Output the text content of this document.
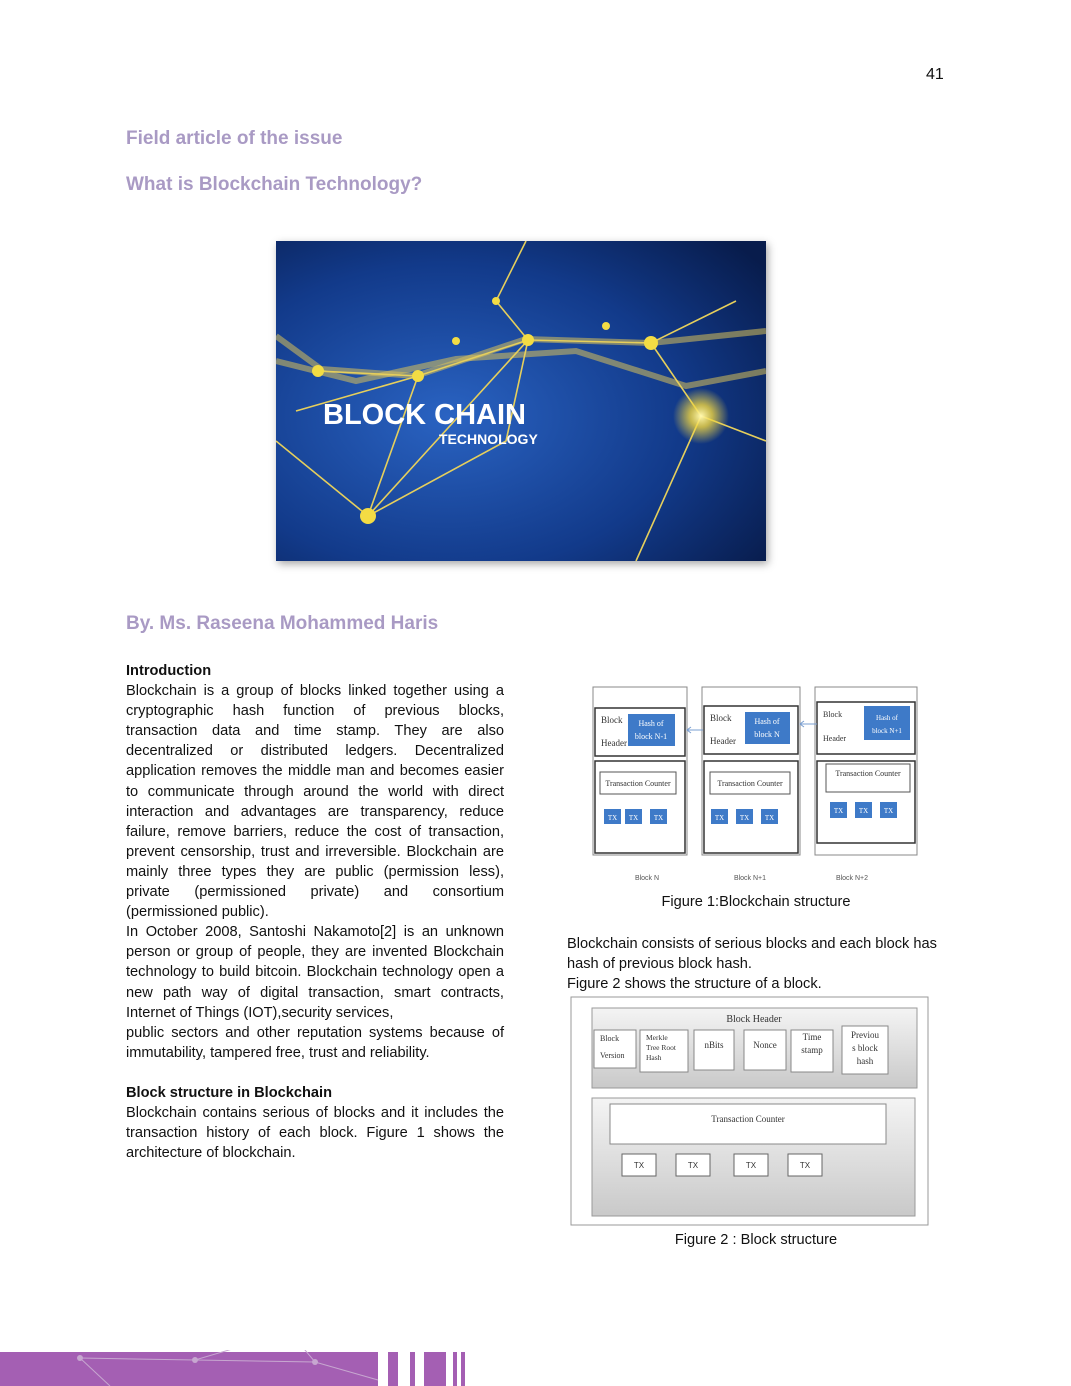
41
Field article of the issue
What is Blockchain Technology?
BLOCK CHAIN
TECHNOLOGY
By. Ms. Raseena Mohammed Haris

Introduction

Blockchain is a group of blocks linked together using a cryptographic hash function of previous blocks, transaction data and time stamp. They are also decentralized or distributed ledgers. Decentralized application removes the middle man and becomes easier to communicate through around the world with direct interaction and advantages are transparency, reduce failure, remove barriers, reduce the cost of transaction, prevent censorship, trust and irreversible. Blockchain are mainly three types they are public (permission less), private (permissioned private) and consortium (permissioned public).

In October 2008, Santoshi Nakamoto[2] is an unknown person or group of people, they are invented Blockchain technology to build bitcoin. Blockchain technology open a new path way of digital transaction, smart contracts, Internet of Things (IOT),security services,

public sectors and other reputation systems because of immutability, tampered free, trust and reliability.

Block structure in Blockchain

Blockchain contains serious of blocks and it includes the transaction history of each block. Figure 1 shows the architecture of blockchain.

Block
Header
Hash of
block N-1
Transaction Counter
TX TX TX
Block N
Block
Header
Hash of
block N
Transaction Counter
TX TX TX
Block N+1
Block
Header
Hash of
block N+1
Transaction Counter
TX TX TX
Block N+2
Figure 1:Blockchain structure
Blockchain consists of serious blocks and each block has hash of previous block hash.
Figure 2 shows the structure of a block.
Block Header
Block
Version
Merkle
Tree Root
Hash
nBits	Nonce
Time
stamp
Previou
s block
hash
Transaction Counter
TX	TX	TX	TX
Figure 2 : Block structure
